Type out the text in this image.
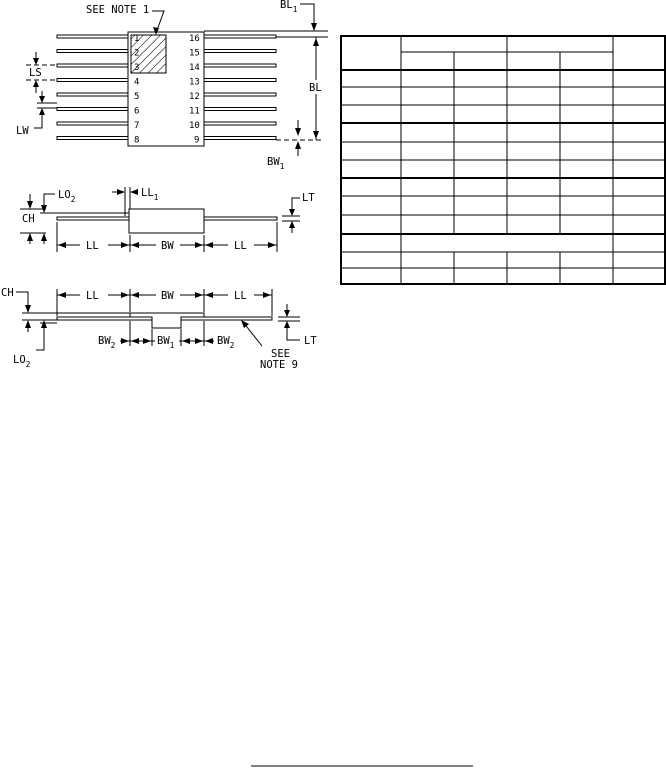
1
2
3
4
5
6
7
8
16
15
14
13
12
11
10
9
SEE NOTE 1	$BL_1$
BL
$BW_1$
LS
LW
$LO_2$
$LL_1$
CH
LT
LL	BW	LL
CH
$LO_2$
LL	BW	LL
LT
$BW_2$	$BW_1$	$BW_2$
SEE
NOTE 9
